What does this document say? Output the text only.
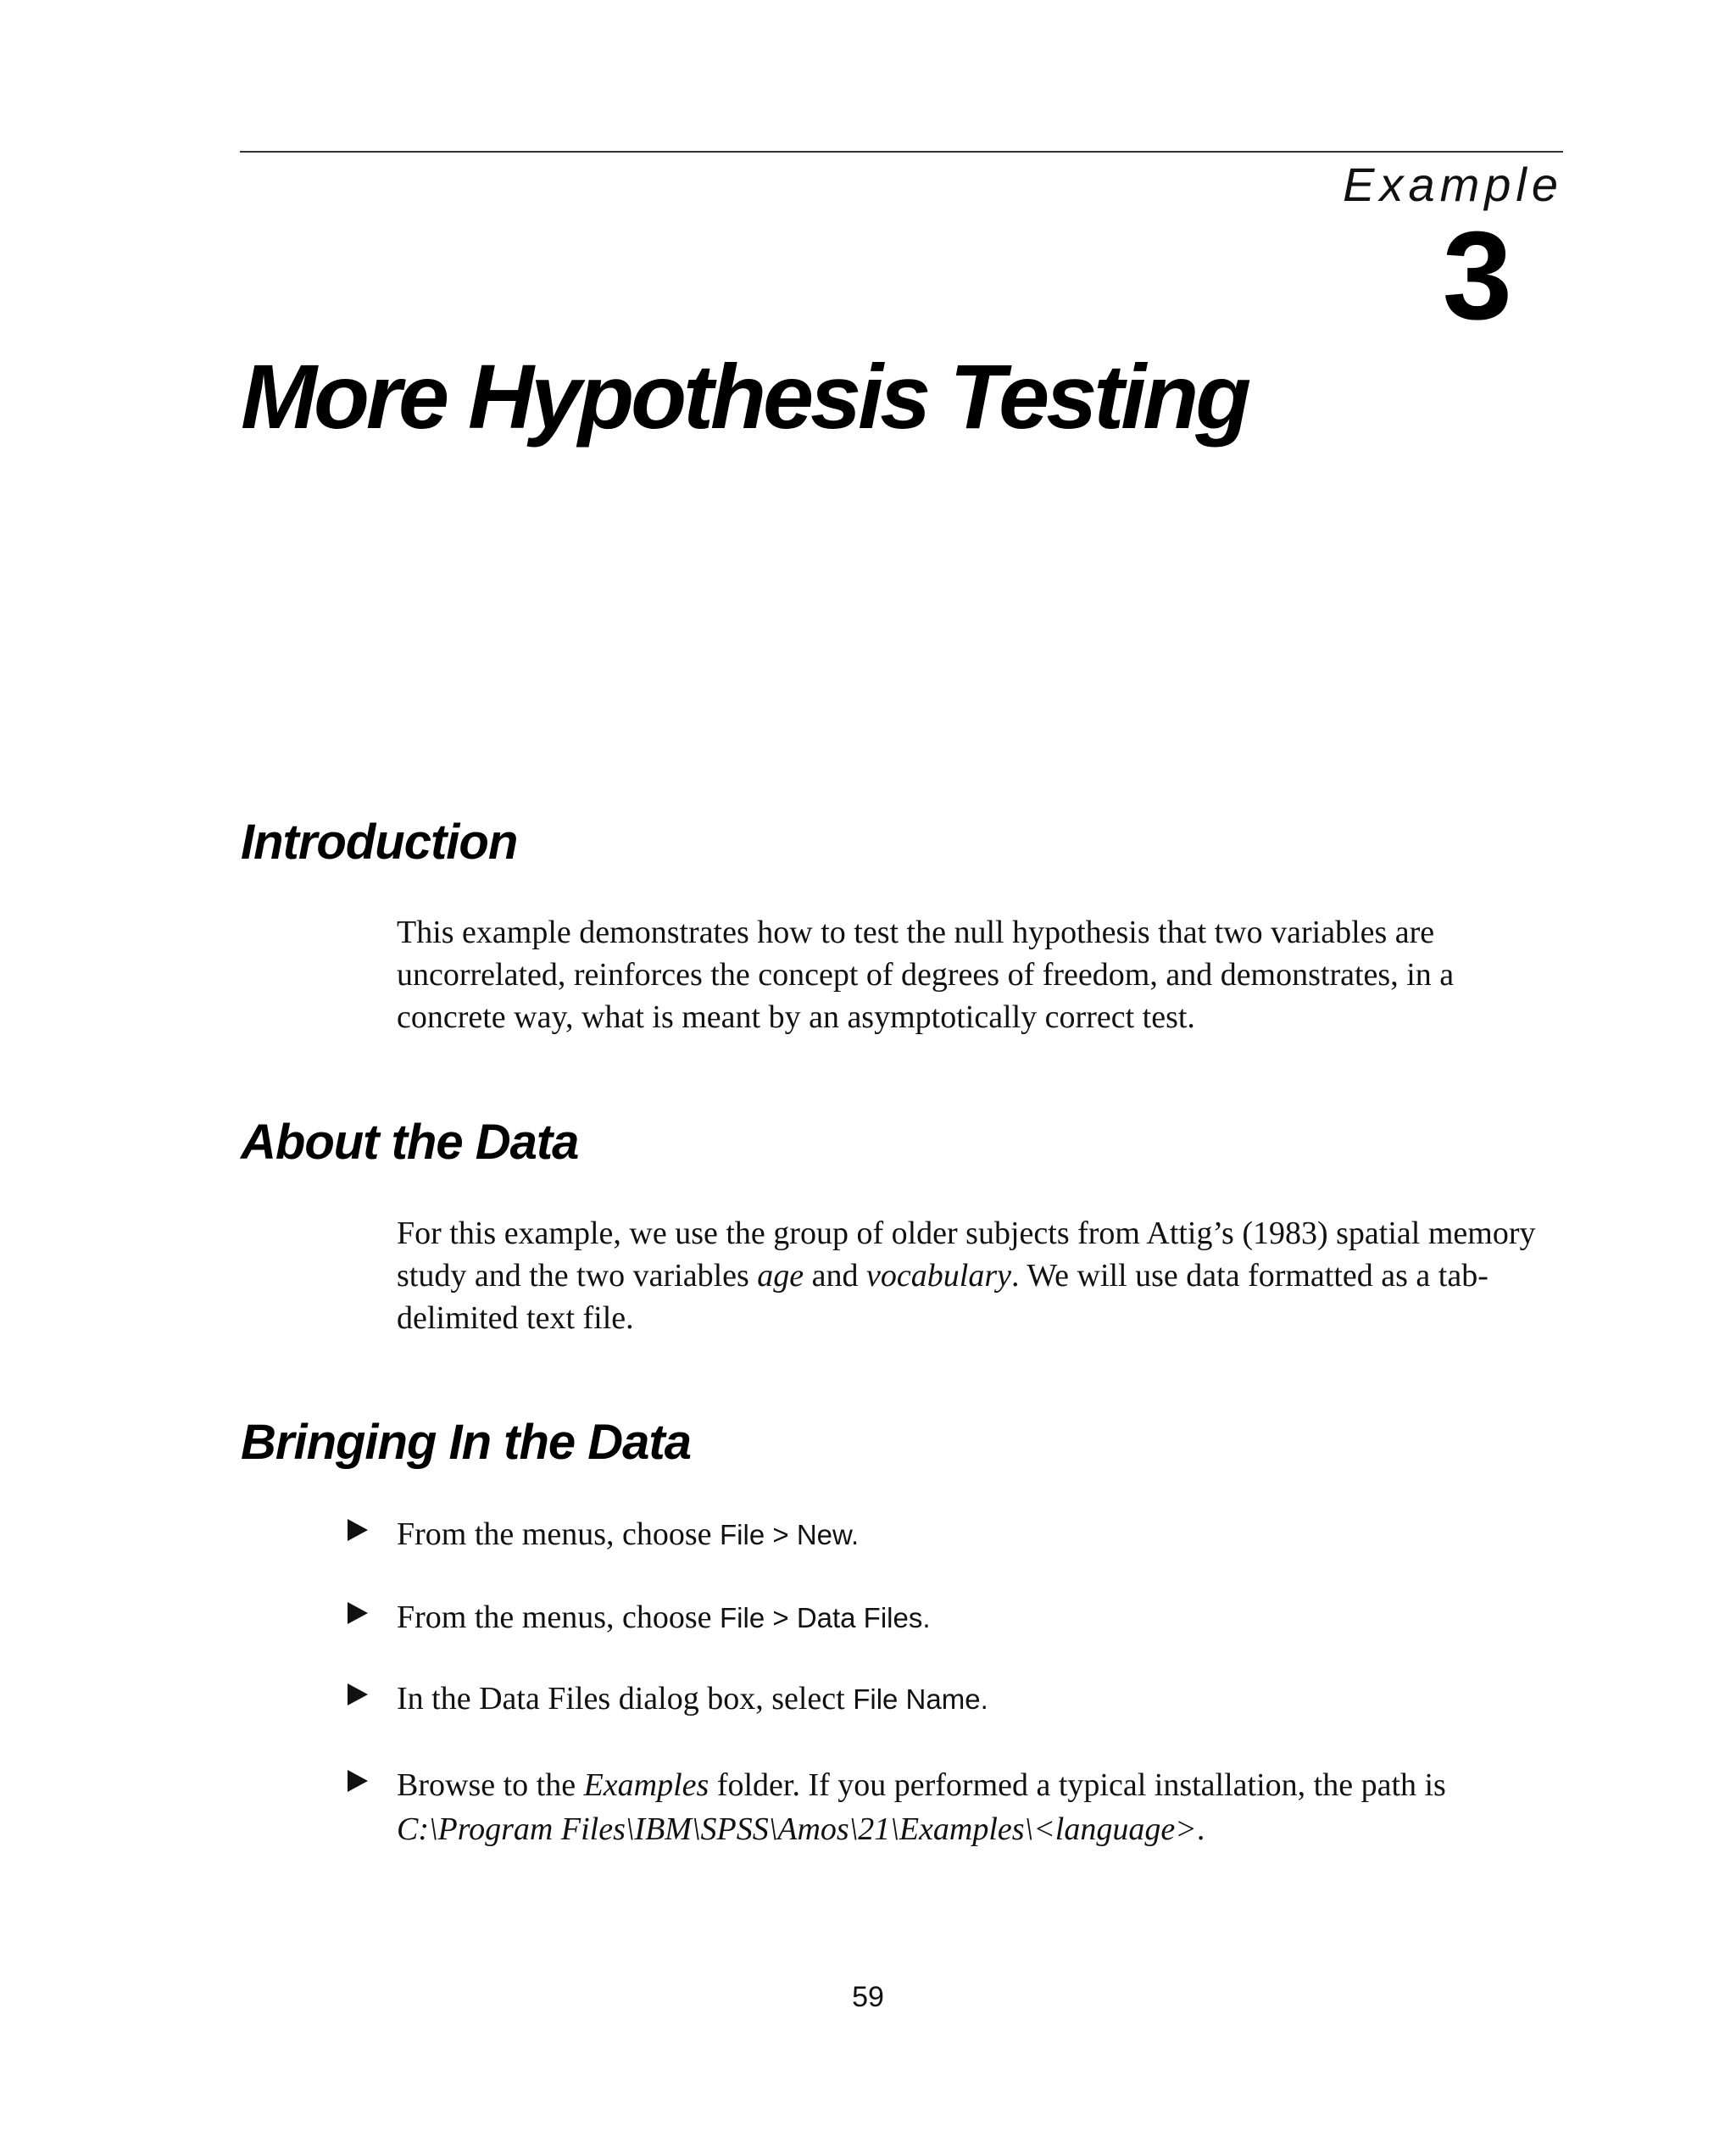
Example
3
More Hypothesis Testing
Introduction
This example demonstrates how to test the null hypothesis that two variables are uncorrelated, reinforces the concept of degrees of freedom, and demonstrates, in a concrete way, what is meant by an asymptotically correct test.
About the Data
For this example, we use the group of older subjects from Attig’s (1983) spatial memory study and the two variables age and vocabulary. We will use data formatted as a tab-delimited text file.
Bringing In the Data
From the menus, choose File > New.
From the menus, choose File > Data Files.
In the Data Files dialog box, select File Name.
Browse to the Examples folder. If you performed a typical installation, the path is C:\Program Files\IBM\SPSS\Amos\21\Examples\<language>.
59
